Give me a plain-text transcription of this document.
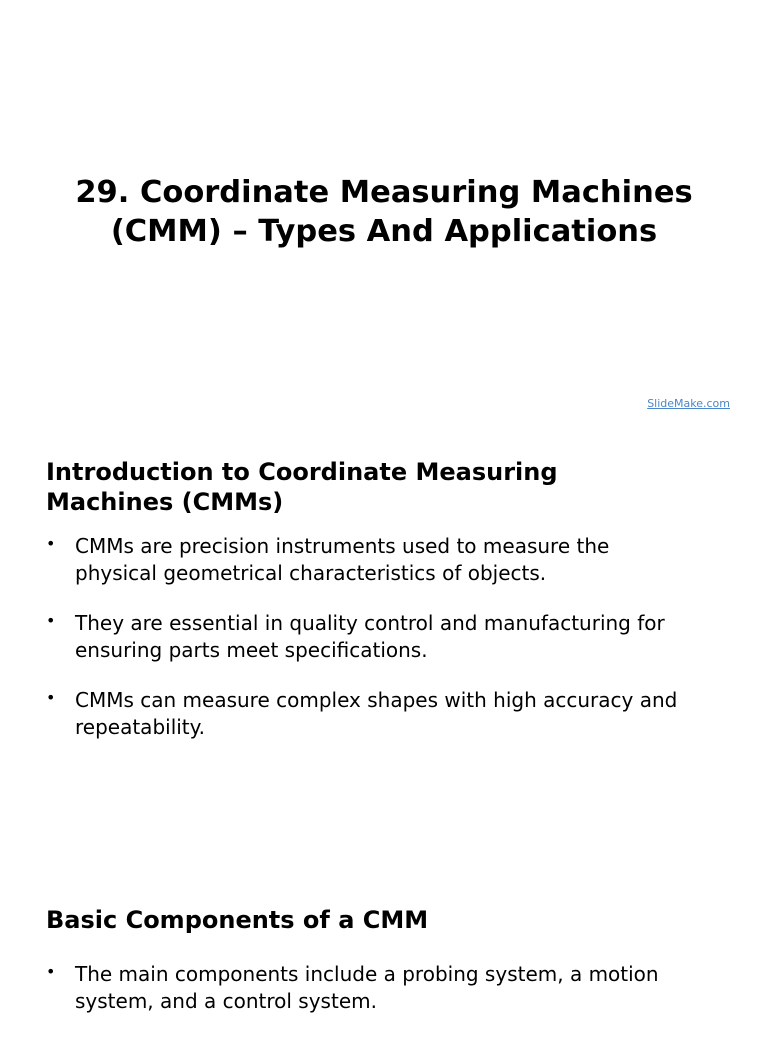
29. Coordinate Measuring Machines
(CMM) – Types And Applications
SlideMake.com
Introduction to Coordinate Measuring
Machines (CMMs)
• CMMs are precision instruments used to measure the
physical geometrical characteristics of objects.
• They are essential in quality control and manufacturing for
ensuring parts meet specifications.
• CMMs can measure complex shapes with high accuracy and
repeatability.
Basic Components of a CMM
• The main components include a probing system, a motion
system, and a control system.
